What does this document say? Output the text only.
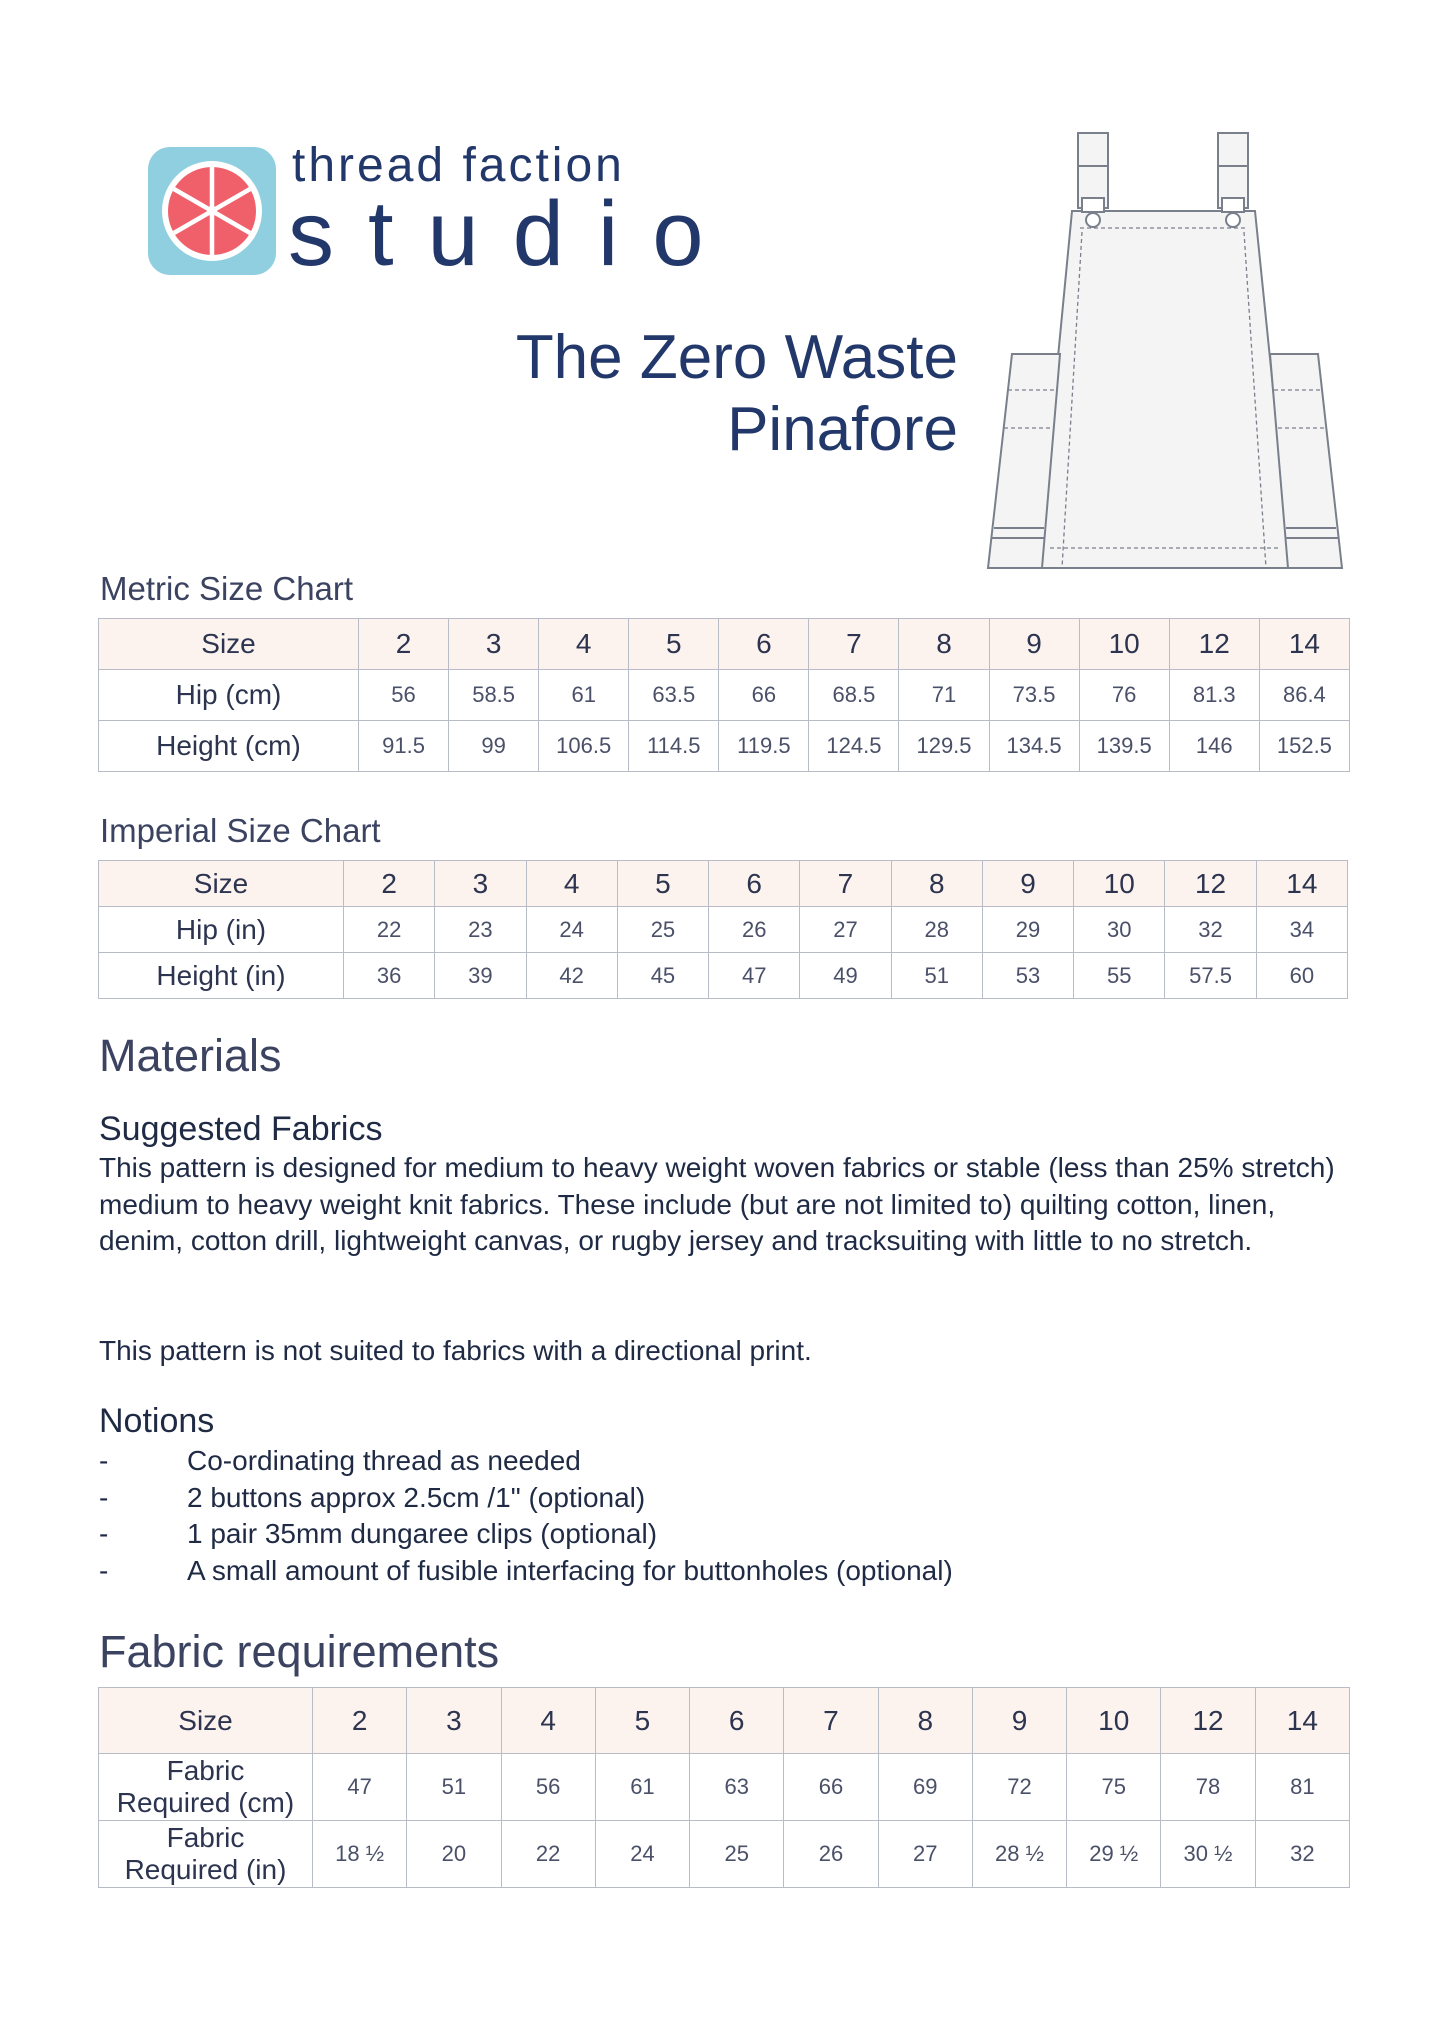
thread faction
studio
The Zero Waste
Pinafore
Metric Size Chart
Size	2	3	4	5	6	7	8	9	10	12	14
Hip (cm)	56	58.5	61	63.5	66	68.5	71	73.5	76	81.3	86.4
Height (cm)	91.5	99	106.5	114.5	119.5	124.5	129.5	134.5	139.5	146	152.5
Imperial Size Chart
Size	2	3	4	5	6	7	8	9	10	12	14
Hip (in)	22	23	24	25	26	27	28	29	30	32	34
Height (in)	36	39	42	45	47	49	51	53	55	57.5	60
Materials
Suggested Fabrics
This pattern is designed for medium to heavy weight woven fabrics or stable (less than 25% stretch) medium to heavy weight knit fabrics. These include (but are not limited to) quilting cotton, linen, denim, cotton drill, lightweight canvas, or rugby jersey and tracksuiting with little to no stretch.
This pattern is not suited to fabrics with a directional print.
Notions
-	Co-ordinating thread as needed
-	2 buttons approx 2.5cm /1" (optional)
-	1 pair 35mm dungaree clips (optional)
-	A small amount of fusible interfacing for buttonholes (optional)
Fabric requirements
Size	2	3	4	5	6	7	8	9	10	12	14

Fabric
Required (cm)	47	51	56	61	63	66	69	72	75	78	81

Fabric
Required (in)	18 ½	20	22	24	25	26	27	28 ½	29 ½	30 ½	32
